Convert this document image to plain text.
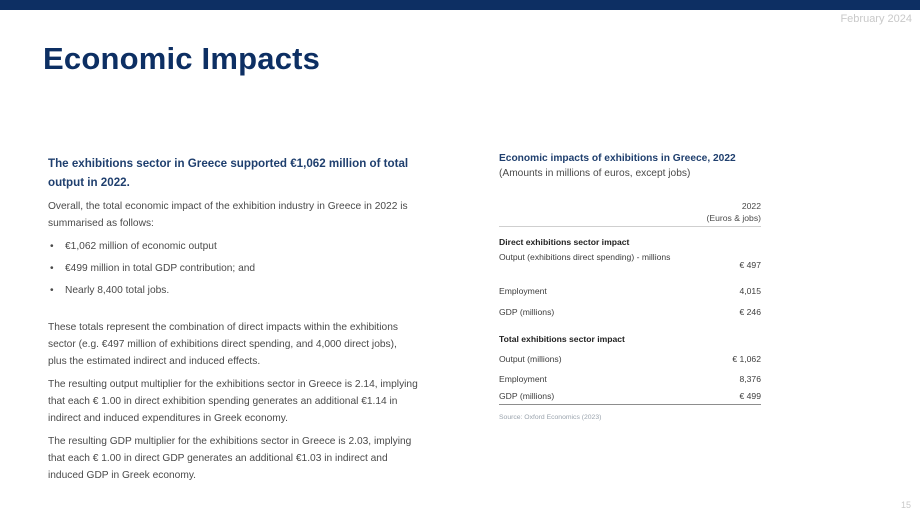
February 2024
Economic Impacts

The exhibitions sector in Greece supported €1,062 million of total output in 2022.

Overall, the total economic impact of the exhibition industry in Greece in 2022 is summarised as follows:

• €1,062 million of economic output
• €499 million in total GDP contribution; and
• Nearly 8,400 total jobs.

These totals represent the combination of direct impacts within the exhibitions sector (e.g. €497 million of exhibitions direct spending, and 4,000 direct jobs), plus the estimated indirect and induced effects.

The resulting output multiplier for the exhibitions sector in Greece is 2.14, implying that each € 1.00 in direct exhibition spending generates an additional €1.14 in indirect and induced expenditures in Greek economy.

The resulting GDP multiplier for the exhibitions sector in Greece is 2.03, implying that each € 1.00 in direct GDP generates an additional €1.03 in indirect and induced GDP in Greek economy.

Economic impacts of exhibitions in Greece, 2022
(Amounts in millions of euros, except jobs)
2022
(Euros & jobs)
Direct exhibitions sector impact
Output (exhibitions direct spending) - millions
€ 497
Employment	4,015
GDP (millions)	€ 246
Total exhibitions sector impact
Output (millions)	€ 1,062
Employment	8,376
GDP (millions)	€ 499
Source: Oxford Economics (2023)
15
